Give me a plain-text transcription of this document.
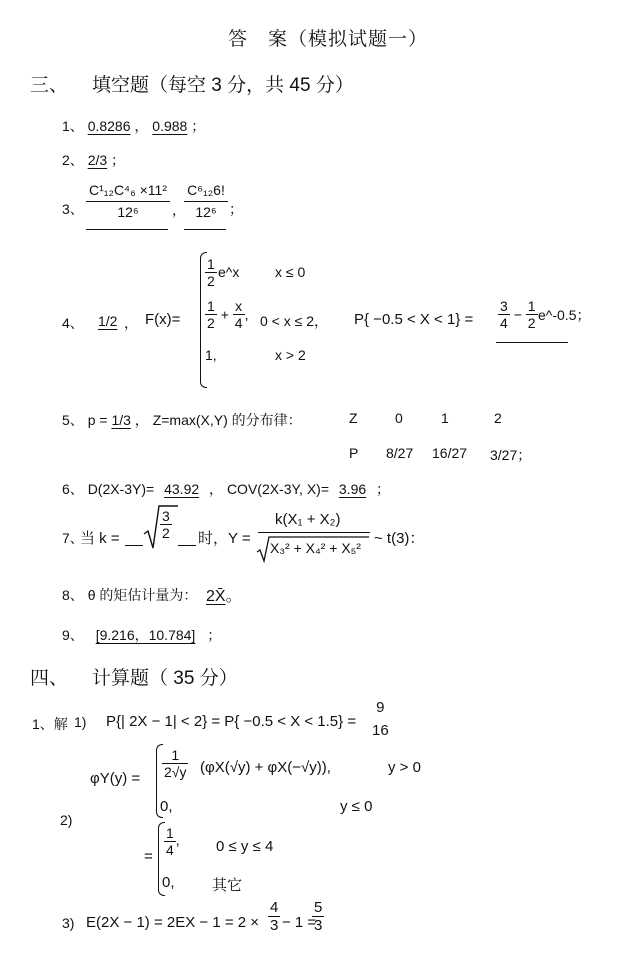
答　案（模拟试题一）
三、 填空题（每空 3 分，共 45 分）
1、 0.8286 ， 0.988 ；
2、 2/3 ；
3、 $\frac{\text{C¹₁₂C⁴₆ ×11²}}{\text{12⁶}}$ ，
$\frac{\text{C⁶₁₂6!}}{\text{12⁶}}$ ；
4、 1/2 ， F(x)=
$\frac{1}{2}$ e^x	x ≤ 0
$\frac{1}{2} + \frac{x}{4}$ , 0 < x ≤ 2，
1,	x > 2
$P\{ -0.5 < X < 1\} = \frac{3}{4} - \frac{1}{2}$ e^-0.5；
5、 p = 1/3 ， Z=max(X,Y) 的分布律：	Z	0	1	2
P 8/27 16/27 3/27；
6、 D(2X-3Y)= 43.92 ， COV(2X-3Y, X)= 3.96 ；
7、
当 k =	$\frac{3}{2}$ 时，Y =
k(X₁ + X₂)
X₃² + X₄² + X₅²
~ t(3)：
8、 θ 的矩估计量为： 2X̄。
9、 [9.216，10.784] ；
四、 计算题（ 35 分）
1、解 1) P{| 2X − 1| < 2} = P{ −0.5 < X < 1.5} =
9
16
$\varphi Y(y) = \frac{1}{2√y} (\varphi X(√y) + \varphi X(-√y))$,	y > 0
0,	y ≤ 0
2)
= $\frac{1}{4}$ , 0 ≤ y ≤ 4
0, 其它
3) $E(2X - 1) = 2EX - 1 = 2 \times \frac{4}{3} - 1$ =
$\frac{5}{3}$
